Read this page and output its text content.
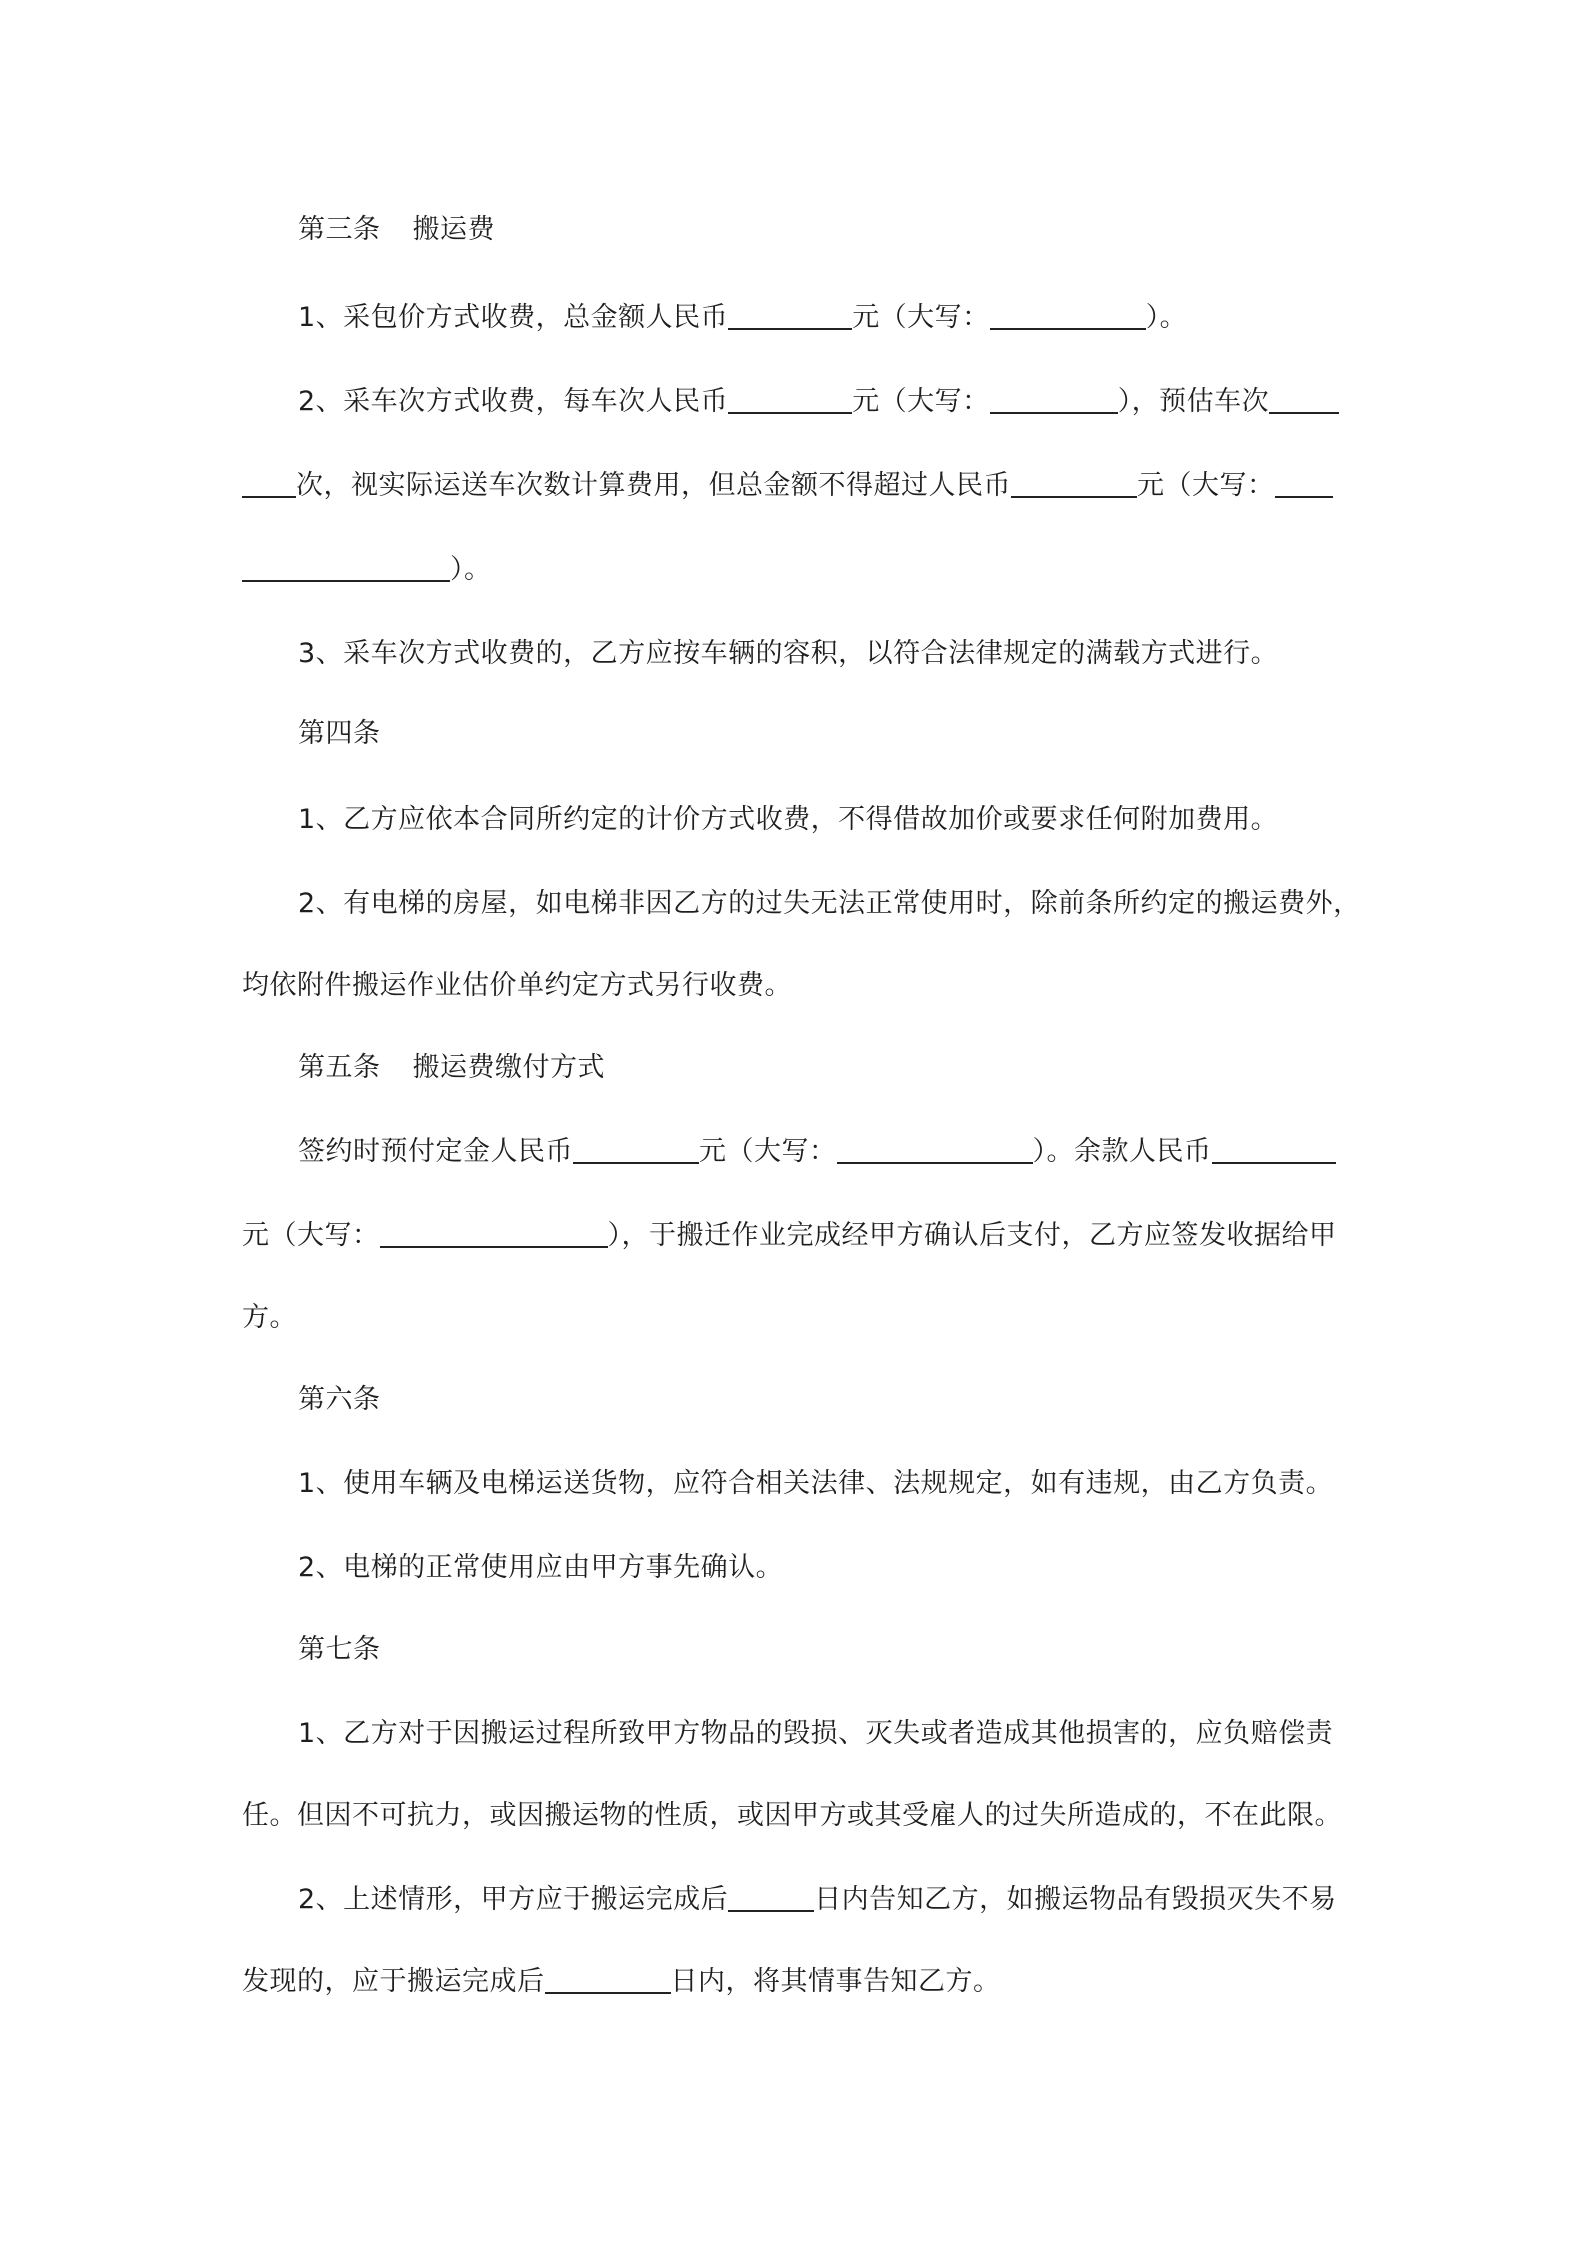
第三条 搬运费
1、采包价方式收费，总金额人民币	元（大写：	）。
2、采车次方式收费，每车次人民币	元（大写：	），预估车次
次，视实际运送车次数计算费用，但总金额不得超过人民币	元（大写：
）。
3、采车次方式收费的，乙方应按车辆的容积，以符合法律规定的满载方式进行。
第四条
1、乙方应依本合同所约定的计价方式收费，不得借故加价或要求任何附加费用。
2、有电梯的房屋，如电梯非因乙方的过失无法正常使用时，除前条所约定的搬运费外，
均依附件搬运作业估价单约定方式另行收费。
第五条 搬运费缴付方式
签约时预付定金人民币	元（大写：	）。余款人民币
元（大写：	），于搬迁作业完成经甲方确认后支付，乙方应签发收据给甲
方。
第六条
1、使用车辆及电梯运送货物，应符合相关法律、法规规定，如有违规，由乙方负责。
2、电梯的正常使用应由甲方事先确认。
第七条
1、乙方对于因搬运过程所致甲方物品的毁损、灭失或者造成其他损害的，应负赔偿责
任。但因不可抗力，或因搬运物的性质，或因甲方或其受雇人的过失所造成的，不在此限。
2、上述情形，甲方应于搬运完成后	日内告知乙方，如搬运物品有毁损灭失不易
发现的，应于搬运完成后	日内，将其情事告知乙方。
